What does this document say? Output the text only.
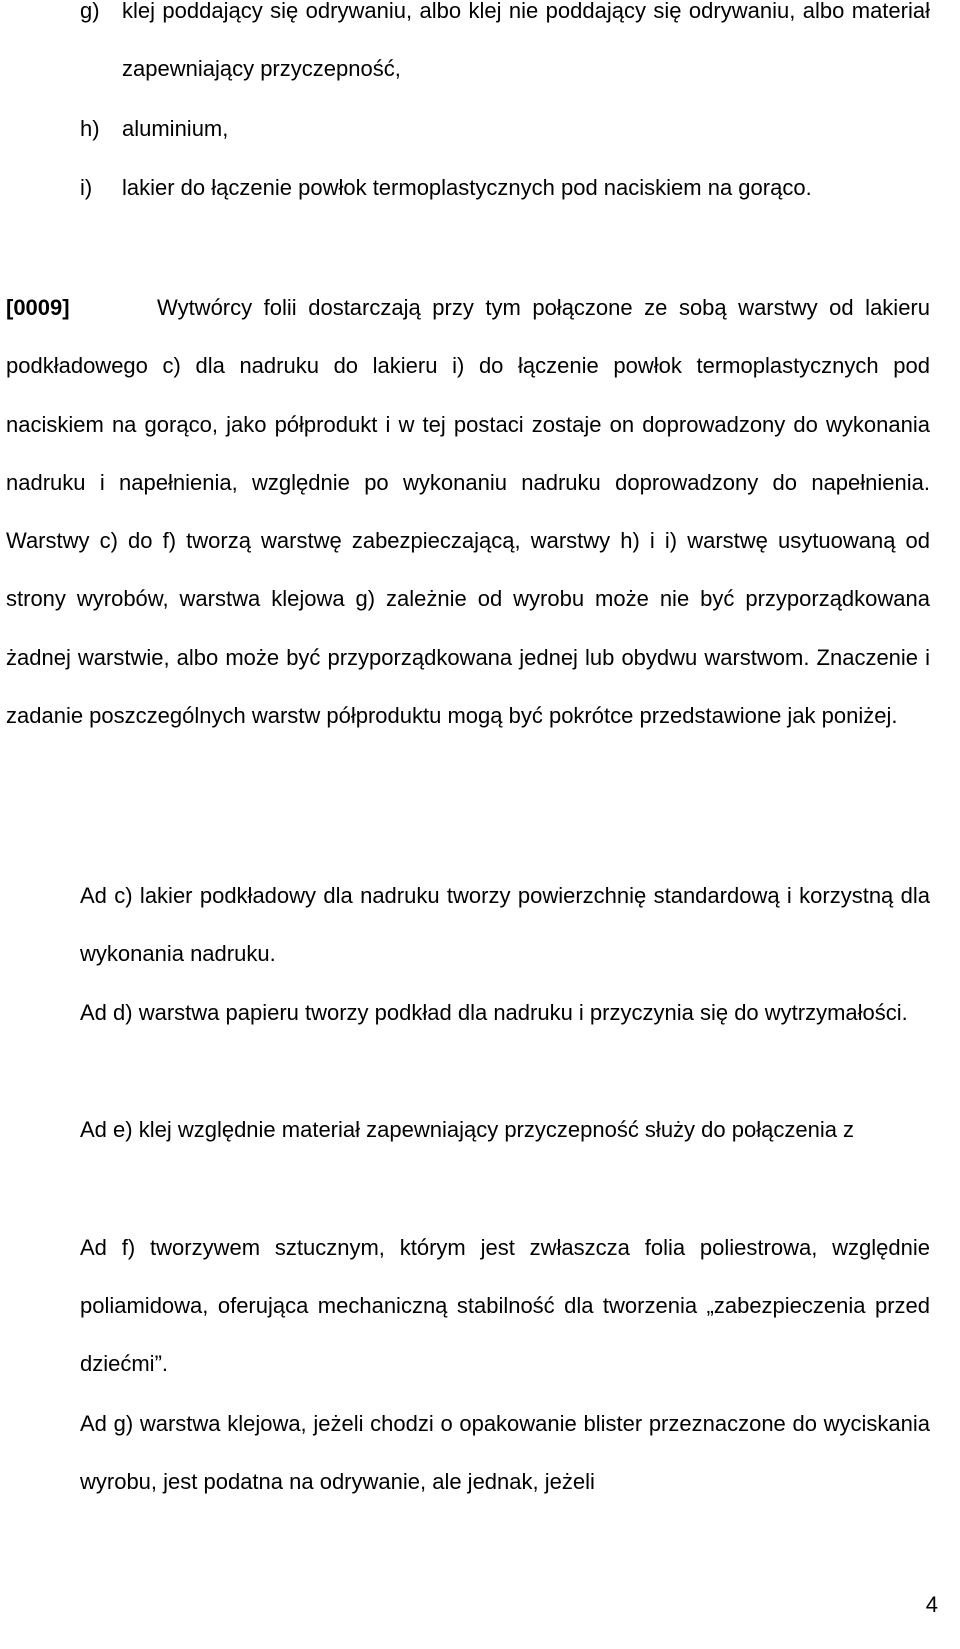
g) klej poddający się odrywaniu, albo klej nie poddający się odrywaniu, albo materiał zapewniający przyczepność,
h) aluminium,
i) lakier do łączenie powłok termoplastycznych pod naciskiem na gorąco.
[0009]	Wytwórcy folii dostarczają przy tym połączone ze sobą warstwy od lakieru podkładowego c) dla nadruku do lakieru i) do łączenie powłok termoplastycznych pod naciskiem na gorąco, jako półprodukt i w tej postaci zostaje on doprowadzony do wykonania nadruku i napełnienia, względnie po wykonaniu nadruku doprowadzony do napełnienia. Warstwy c) do f) tworzą warstwę zabezpieczającą, warstwy h) i i) warstwę usytuowaną od strony wyrobów, warstwa klejowa g) zależnie od wyrobu może nie być przyporządkowana żadnej warstwie, albo może być przyporządkowana jednej lub obydwu warstwom. Znaczenie i zadanie poszczególnych warstw półproduktu mogą być pokrótce przedstawione jak poniżej.
Ad c) lakier podkładowy dla nadruku tworzy powierzchnię standardową i korzystną dla wykonania nadruku.
Ad d) warstwa papieru tworzy podkład dla nadruku i przyczynia się do wytrzymałości.
Ad e) klej względnie materiał zapewniający przyczepność służy do połączenia z
Ad f) tworzywem sztucznym, którym jest zwłaszcza folia poliestrowa, względnie poliamidowa, oferująca mechaniczną stabilność dla tworzenia „zabezpieczenia przed dziećmi”.
Ad g) warstwa klejowa, jeżeli chodzi o opakowanie blister przeznaczone do wyciskania wyrobu, jest podatna na odrywanie, ale jednak, jeżeli
4
